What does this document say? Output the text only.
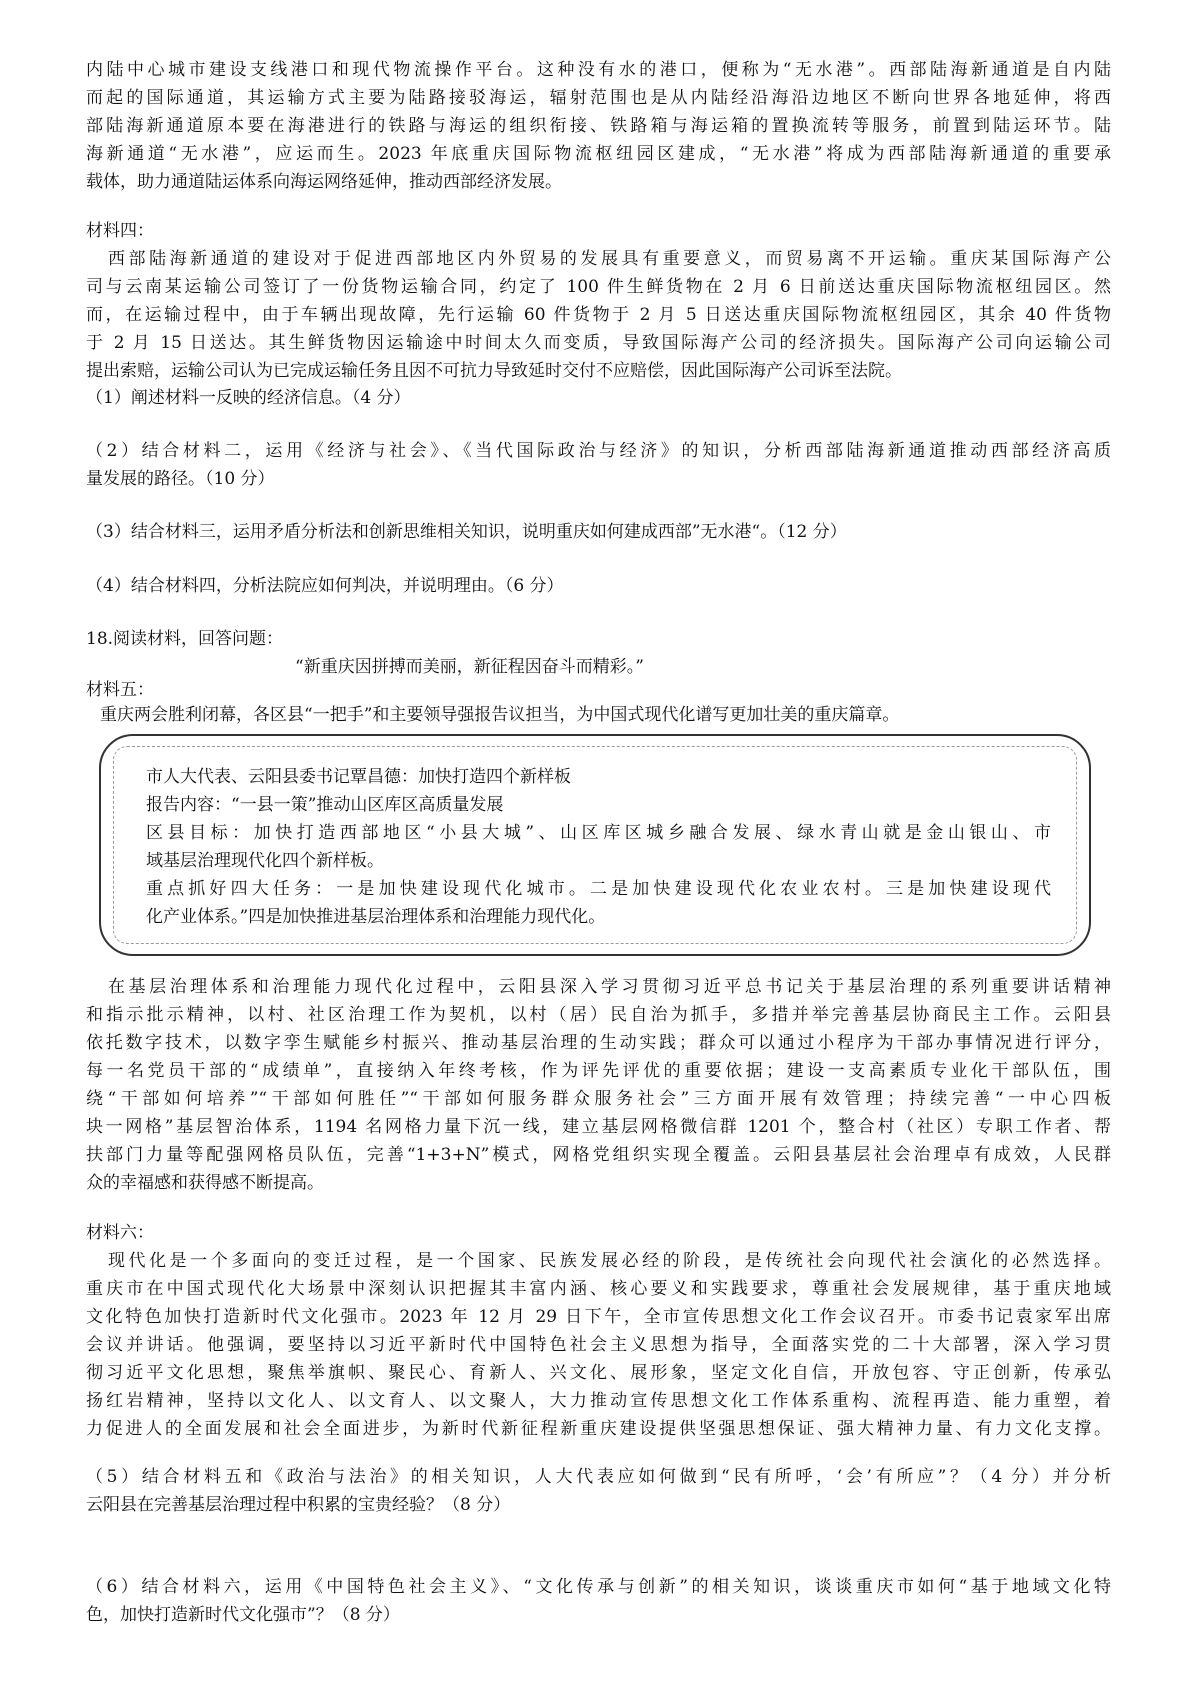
内陆中心城市建设支线港口和现代物流操作平台。这种没有水的港口，便称为“无水港”。西部陆海新通道是自内陆
而起的国际通道，其运输方式主要为陆路接驳海运，辐射范围也是从内陆经沿海沿边地区不断向世界各地延伸，将西
部陆海新通道原本要在海港进行的铁路与海运的组织衔接、铁路箱与海运箱的置换流转等服务，前置到陆运环节。陆
海新通道“无水港”，应运而生。2023 年底重庆国际物流枢纽园区建成，“无水港”将成为西部陆海新通道的重要承
载体，助力通道陆运体系向海运网络延伸，推动西部经济发展。
材料四：
西部陆海新通道的建设对于促进西部地区内外贸易的发展具有重要意义，而贸易离不开运输。重庆某国际海产公
司与云南某运输公司签订了一份货物运输合同，约定了 100 件生鲜货物在 2 月 6 日前送达重庆国际物流枢纽园区。然
而，在运输过程中，由于车辆出现故障，先行运输 60 件货物于 2 月 5 日送达重庆国际物流枢纽园区，其余 40 件货物
于 2 月 15 日送达。其生鲜货物因运输途中时间太久而变质，导致国际海产公司的经济损失。国际海产公司向运输公司
提出索赔，运输公司认为已完成运输任务且因不可抗力导致延时交付不应赔偿，因此国际海产公司诉至法院。
（1）阐述材料一反映的经济信息。（4 分）
（2）结合材料二，运用《经济与社会》、《当代国际政治与经济》的知识，分析西部陆海新通道推动西部经济高质
量发展的路径。（10 分）
（3）结合材料三，运用矛盾分析法和创新思维相关知识，说明重庆如何建成西部”无水港“。（12 分）
（4）结合材料四，分析法院应如何判决，并说明理由。（6 分）
18.阅读材料，回答问题：
“新重庆因拼搏而美丽，新征程因奋斗而精彩。”
材料五：
重庆两会胜利闭幕，各区县“一把手”和主要领导强报告议担当，为中国式现代化谱写更加壮美的重庆篇章。
市人大代表、云阳县委书记覃昌德：加快打造四个新样板
报告内容：“一县一策”推动山区库区高质量发展
区县目标：加快打造西部地区“小县大城”、山区库区城乡融合发展、绿水青山就是金山银山、市
域基层治理现代化四个新样板。
重点抓好四大任务：一是加快建设现代化城市。二是加快建设现代化农业农村。三是加快建设现代
化产业体系。”四是加快推进基层治理体系和治理能力现代化。
在基层治理体系和治理能力现代化过程中，云阳县深入学习贯彻习近平总书记关于基层治理的系列重要讲话精神
和指示批示精神，以村、社区治理工作为契机，以村（居）民自治为抓手，多措并举完善基层协商民主工作。云阳县
依托数字技术，以数字孪生赋能乡村振兴、推动基层治理的生动实践；群众可以通过小程序为干部办事情况进行评分，
每一名党员干部的“成绩单”，直接纳入年终考核，作为评先评优的重要依据；建设一支高素质专业化干部队伍，围
绕“干部如何培养”“干部如何胜任”“干部如何服务群众服务社会”三方面开展有效管理；持续完善“一中心四板
块一网格”基层智治体系，1194 名网格力量下沉一线，建立基层网格微信群 1201 个，整合村（社区）专职工作者、帮
扶部门力量等配强网格员队伍，完善“1+3+N”模式，网格党组织实现全覆盖。云阳县基层社会治理卓有成效，人民群
众的幸福感和获得感不断提高。
材料六：
现代化是一个多面向的变迁过程，是一个国家、民族发展必经的阶段，是传统社会向现代社会演化的必然选择。
重庆市在中国式现代化大场景中深刻认识把握其丰富内涵、核心要义和实践要求，尊重社会发展规律，基于重庆地域
文化特色加快打造新时代文化强市。2023 年 12 月 29 日下午，全市宣传思想文化工作会议召开。市委书记袁家军出席
会议并讲话。他强调，要坚持以习近平新时代中国特色社会主义思想为指导，全面落实党的二十大部署，深入学习贯
彻习近平文化思想，聚焦举旗帜、聚民心、育新人、兴文化、展形象，坚定文化自信，开放包容、守正创新，传承弘
扬红岩精神，坚持以文化人、以文育人、以文聚人，大力推动宣传思想文化工作体系重构、流程再造、能力重塑，着
力促进人的全面发展和社会全面进步，为新时代新征程新重庆建设提供坚强思想保证、强大精神力量、有力文化支撑。
（5）结合材料五和《政治与法治》的相关知识，人大代表应如何做到“民有所呼，‘会’有所应”？（4 分）并分析
云阳县在完善基层治理过程中积累的宝贵经验？（8 分）
（6）结合材料六，运用《中国特色社会主义》、“文化传承与创新”的相关知识，谈谈重庆市如何“基于地域文化特
色，加快打造新时代文化强市”？（8 分）
